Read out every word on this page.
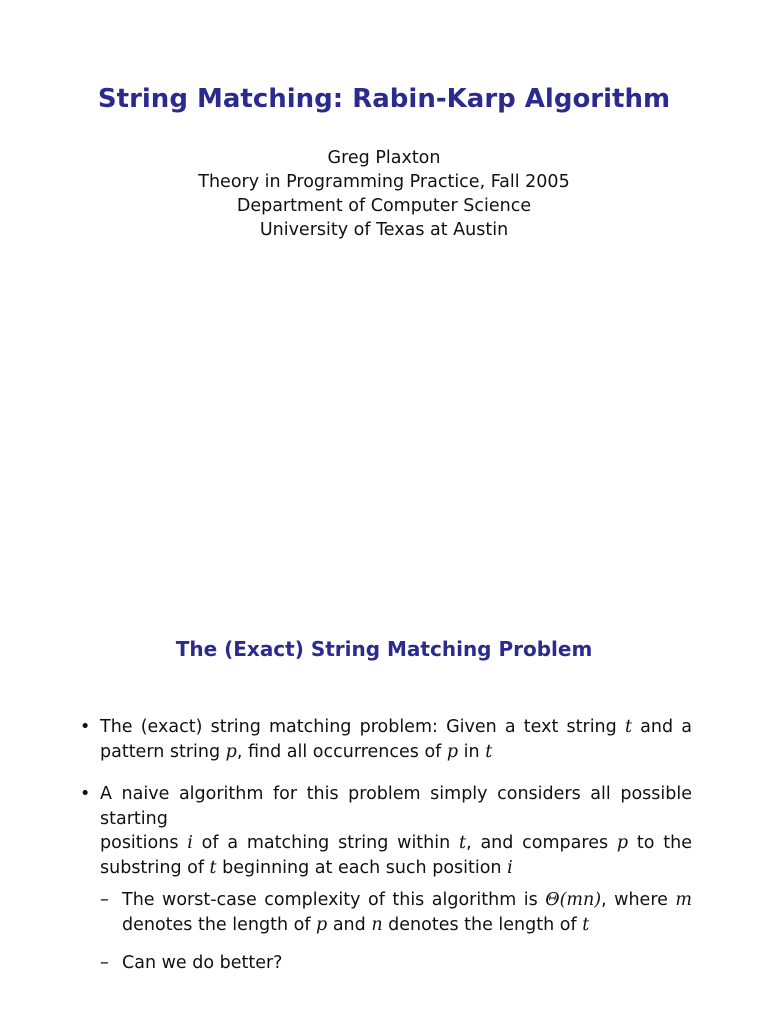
String Matching: Rabin-Karp Algorithm
Greg Plaxton
Theory in Programming Practice, Fall 2005
Department of Computer Science
University of Texas at Austin
The (Exact) String Matching Problem
• The (exact) string matching problem: Given a text string t and a
pattern string p, find all occurrences of p in t
• A naive algorithm for this problem simply considers all possible starting
positions i of a matching string within t, and compares p to the
substring of t beginning at each such position i
– The worst-case complexity of this algorithm is Θ(mn), where m
denotes the length of p and n denotes the length of t
– Can we do better?
